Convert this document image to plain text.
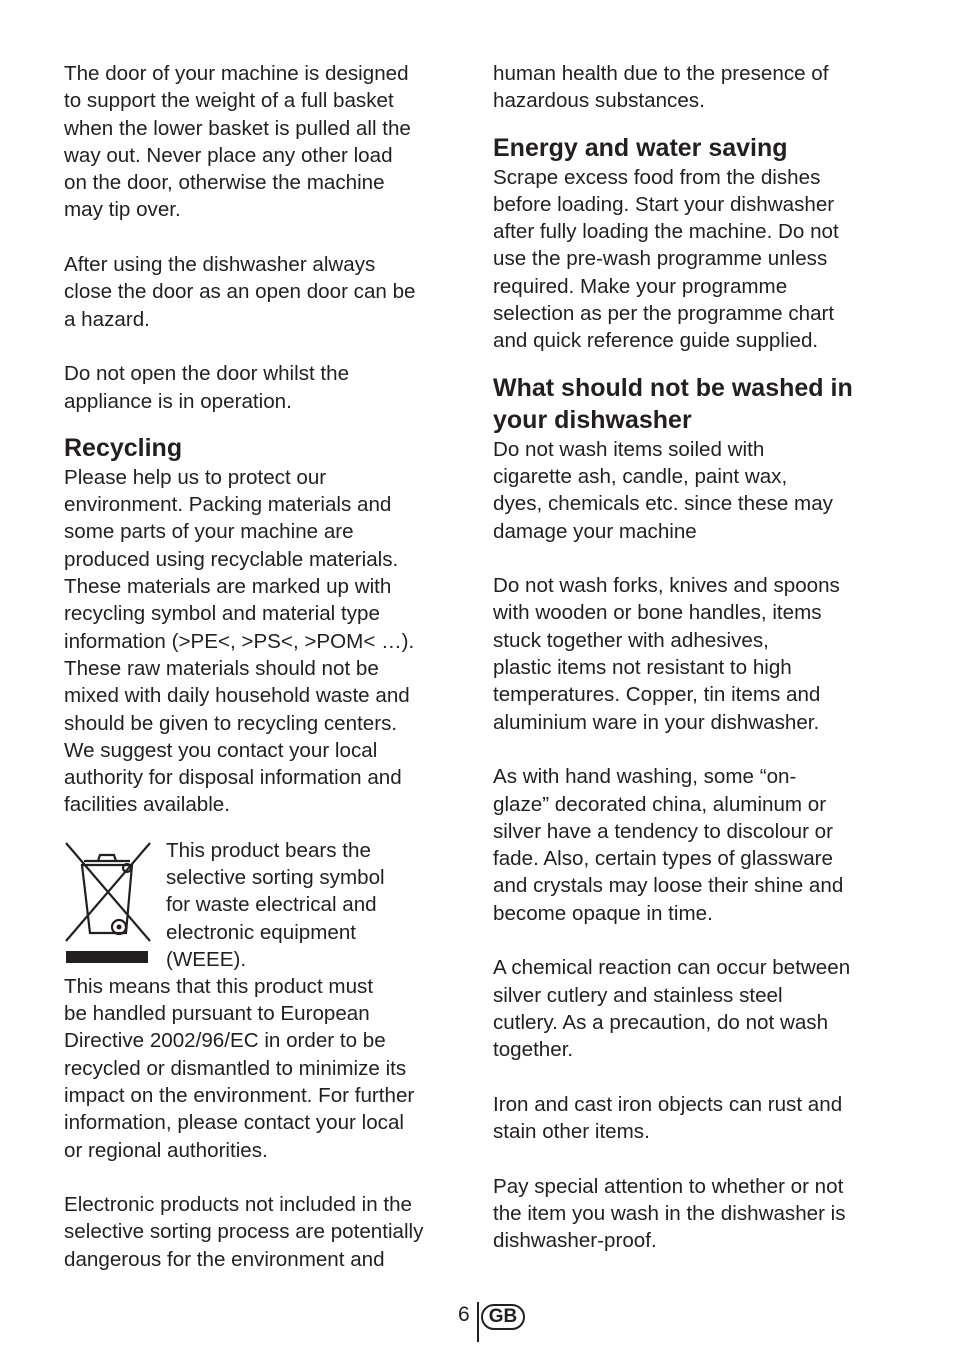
The door of your machine is designed
to support the weight of a full basket
when the lower basket is pulled all the
way out. Never place any other load
on the door, otherwise the machine
may tip over.

After using the dishwasher always
close the door as an open door can be
a hazard.

Do not open the door whilst the
appliance is in operation.

Recycling

Please help us to protect our
environment. Packing materials and
some parts of your machine are
produced using recyclable materials.
These materials are marked up with
recycling symbol and material type
information (>PE<, >PS<, >POM< …).
These raw materials should not be
mixed with daily household waste and
should be given to recycling centers.
We suggest you contact your local
authority for disposal information and
facilities available.

This product bears the
selective sorting symbol
for waste electrical and
electronic equipment
(WEEE).

This means that this product must
be handled pursuant to European
Directive 2002/96/EC in order to be
recycled or dismantled to minimize its
impact on the environment. For further
information, please contact your local
or regional authorities.

Electronic products not included in the
selective sorting process are potentially
dangerous for the environment and

human health due to the presence of
hazardous substances.

Energy and water saving

Scrape excess food from the dishes
before loading. Start your dishwasher
after fully loading the machine. Do not
use the pre-wash programme unless
required. Make your programme
selection as per the programme chart
and quick reference guide supplied.

What should not be washed in
your dishwasher

Do not wash items soiled with
cigarette ash, candle, paint wax,
dyes, chemicals etc. since these may
damage your machine

Do not wash forks, knives and spoons
with wooden or bone handles, items
stuck together with adhesives,
plastic items not resistant to high
temperatures. Copper, tin items and
aluminium ware in your dishwasher.

As with hand washing, some “on-
glaze” decorated china, aluminum or
silver have a tendency to discolour or
fade. Also, certain types of glassware
and crystals may loose their shine and
become opaque in time.

A chemical reaction can occur between
silver cutlery and stainless steel
cutlery. As a precaution, do not wash
together.

Iron and cast iron objects can rust and
stain other items.

Pay special attention to whether or not
the item you wash in the dishwasher is
dishwasher-proof.

6	GB
